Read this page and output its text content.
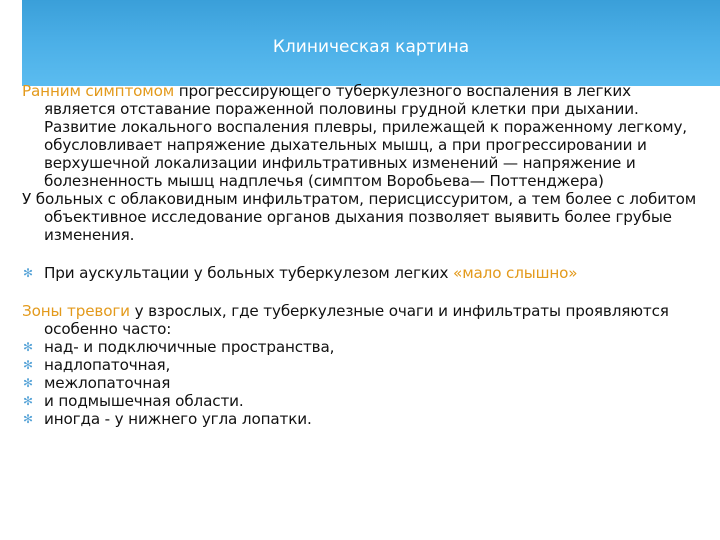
Клиническая картина

Ранним симптомом прогрессирующего туберкулезного воспаления в легких является отставание пораженной половины грудной клетки при дыхании. Развитие локального воспаления плевры, прилежащей к пораженному легкому, обусловливает напряжение дыхательных мышц, а при прогрессировании и верхушечной локализации инфильтративных изменений — напряжение и болезненность мышц надплечья (симптом Воробьева— Поттенджера)

У больных с облаковидным инфильтратом, перисциссуритом, а тем более с лобитом объективное исследование органов дыхания позволяет выявить более грубые изменения.

✻ При аускультации у больных туберкулезом легких «мало слышно»

Зоны тревоги у взрослых, где туберкулезные очаги и инфильтраты проявляются особенно часто:

✻ над- и подключичные пространства,

✻ надлопаточная,

✻ межлопаточная

✻ и подмышечная области.

✻ иногда - у нижнего угла лопатки.
